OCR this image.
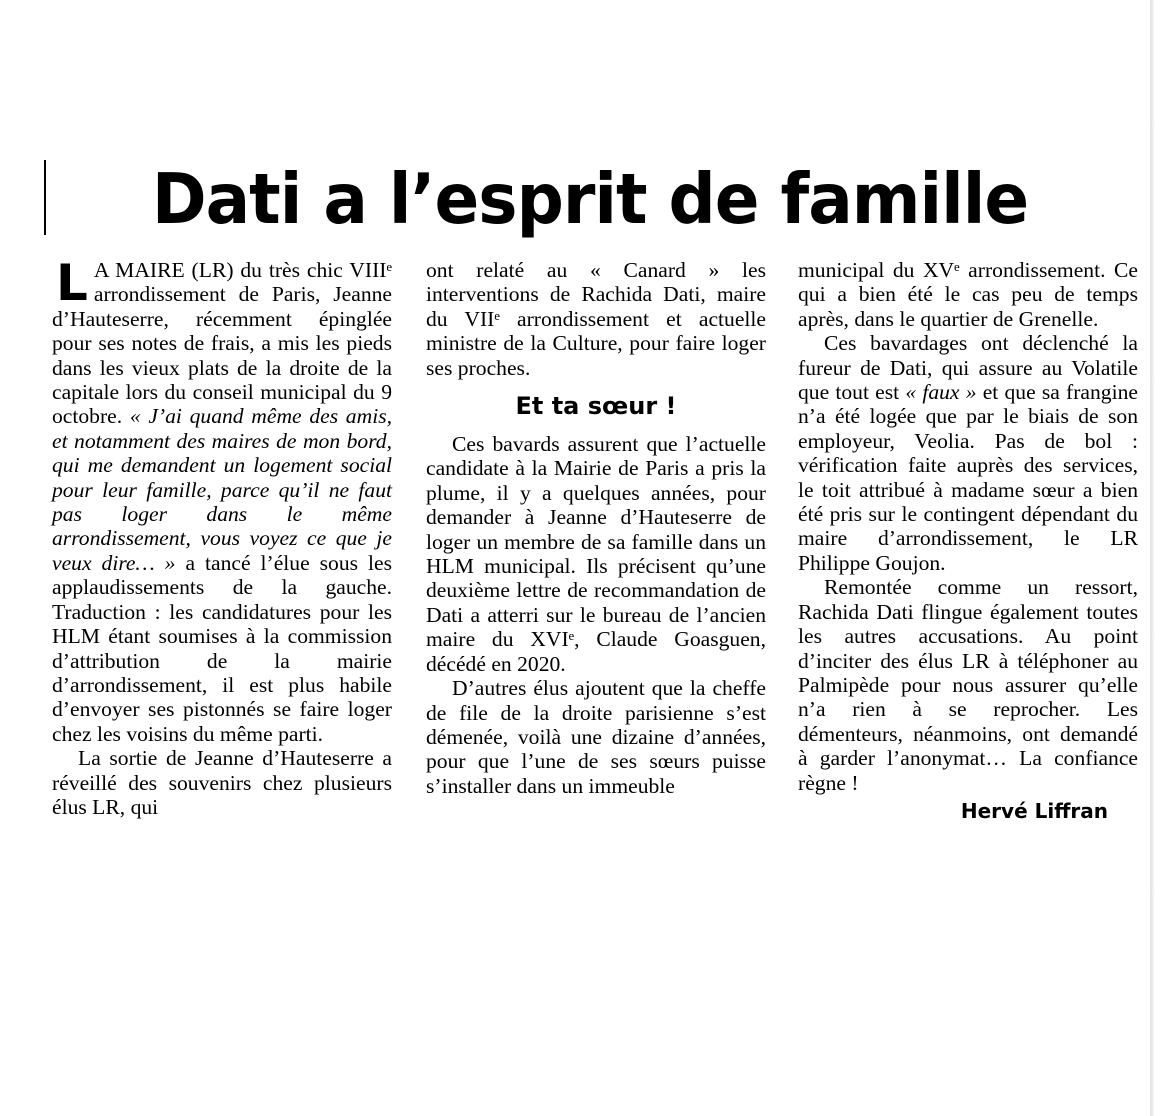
Dati a l’esprit de famille

L A MAIRE (LR) du très chic VIIIᵉ arrondissement de Paris, Jeanne d’Hauteserre, récemment épinglée pour ses notes de frais, a mis les pieds dans les vieux plats de la droite de la capitale lors du conseil municipal du 9 octobre. « J’ai quand même des amis, et notamment des maires de mon bord, qui me demandent un logement social pour leur famille, parce qu’il ne faut pas loger dans le même arrondissement, vous voyez ce que je veux dire… » a tancé l’élue sous les applaudissements de la gauche. Traduction : les candidatures pour les HLM étant soumises à la commission d’attribution de la mairie d’arrondissement, il est plus habile d’envoyer ses pistonnés se faire loger chez les voisins du même parti.

La sortie de Jeanne d’Hauteserre a réveillé des souvenirs chez plusieurs élus LR, qui

ont relaté au « Canard » les interventions de Rachida Dati, maire du VIIᵉ arrondissement et actuelle ministre de la Culture, pour faire loger ses proches.

Et ta sœur !

Ces bavards assurent que l’actuelle candidate à la Mairie de Paris a pris la plume, il y a quelques années, pour demander à Jeanne d’Hauteserre de loger un membre de sa famille dans un HLM municipal. Ils précisent qu’une deuxième lettre de recommandation de Dati a atterri sur le bureau de l’ancien maire du XVIᵉ, Claude Goasguen, décédé en 2020.

D’autres élus ajoutent que la cheffe de file de la droite parisienne s’est démenée, voilà une dizaine d’années, pour que l’une de ses sœurs puisse s’installer dans un immeuble

municipal du XVᵉ arrondissement. Ce qui a bien été le cas peu de temps après, dans le quartier de Grenelle.

Ces bavardages ont déclenché la fureur de Dati, qui assure au Volatile que tout est « faux » et que sa frangine n’a été logée que par le biais de son employeur, Veolia. Pas de bol : vérification faite auprès des services, le toit attribué à madame sœur a bien été pris sur le contingent dépendant du maire d’arrondissement, le LR Philippe Goujon.

Remontée comme un ressort, Rachida Dati flingue également toutes les autres accusations. Au point d’inciter des élus LR à téléphoner au Palmipède pour nous assurer qu’elle n’a rien à se reprocher. Les démenteurs, néanmoins, ont demandé à garder l’anonymat… La confiance règne !

Hervé Liffran
